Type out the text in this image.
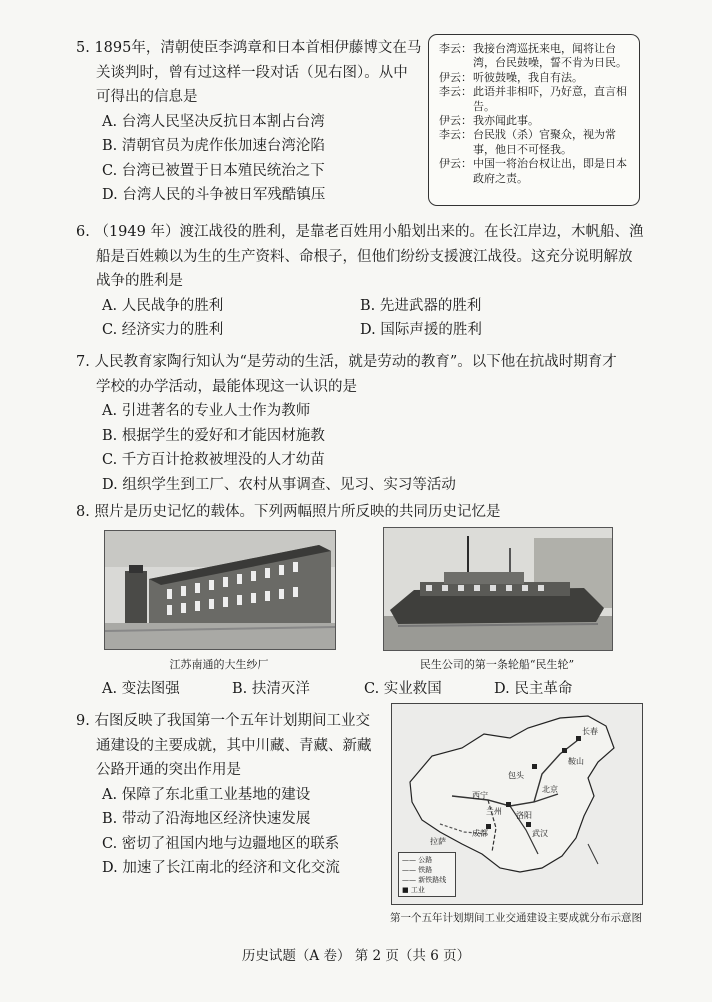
5. 1895年，清朝使臣李鸿章和日本首相伊藤博文在马

关谈判时，曾有过这样一段对话（见右图）。从中

可得出的信息是

A. 台湾人民坚决反抗日本割占台湾

B. 清朝官员为虎作伥加速台湾沦陷

C. 台湾已被置于日本殖民统治之下

D. 台湾人民的斗争被日军残酷镇压

李云： 我接台湾巡抚来电，闻将让台湾，台民鼓噪，誓不肯为日民。
伊云： 听彼鼓噪，我自有法。
李云： 此语并非相吓，乃好意，直言相告。
伊云： 我亦闻此事。
李云： 台民戕（杀）官聚众，视为常事，他日不可怪我。
伊云： 中国一将治台权让出，即是日本政府之责。

6. （1949 年）渡江战役的胜利，是靠老百姓用小船划出来的。在长江岸边，木帆船、渔

船是百姓赖以为生的生产资料、命根子，但他们纷纷支援渡江战役。这充分说明解放

战争的胜利是

A. 人民战争的胜利	B. 先进武器的胜利

C. 经济实力的胜利	D. 国际声援的胜利

7. 人民教育家陶行知认为“是劳动的生活，就是劳动的教育”。以下他在抗战时期育才

学校的办学活动，最能体现这一认识的是

A. 引进著名的专业人士作为教师

B. 根据学生的爱好和才能因材施教

C. 千方百计抢救被埋没的人才幼苗

D. 组织学生到工厂、农村从事调查、见习、实习等活动

8. 照片是历史记忆的载体。下列两幅照片所反映的共同历史记忆是

江苏南通的大生纱厂	民生公司的第一条轮船“民生轮”

A. 变法图强	B. 扶清灭洋	C. 实业救国	D. 民主革命

9. 右图反映了我国第一个五年计划期间工业交

通建设的主要成就，其中川藏、青藏、新藏

公路开通的突出作用是

A. 保障了东北重工业基地的建设

B. 带动了沿海地区经济快速发展

C. 密切了祖国内地与边疆地区的联系

D. 加速了长江南北的经济和文化交流

北京
西宁
拉萨
包头
武汉
成都
长春
鞍山
兰州 洛阳
—— 公路
—— 铁路
—— 新铁路线
■ 工业
第一个五年计划期间工业交通建设主要成就分布示意图
历史试题（A 卷） 第 2 页（共 6 页）
